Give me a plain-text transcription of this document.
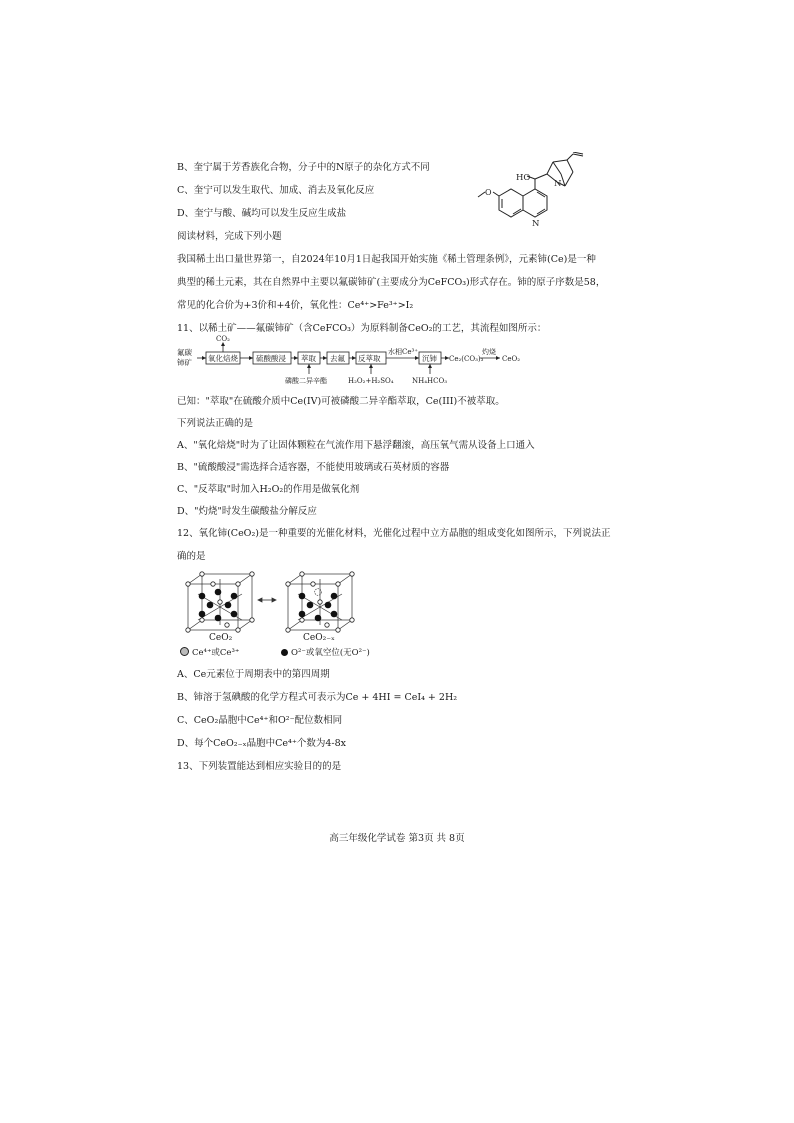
B、奎宁属于芳香族化合物，分子中的N原子的杂化方式不同
C、奎宁可以发生取代、加成、消去及氧化反应
D、奎宁与酸、碱均可以发生反应生成盐
O
HO
N
N
阅读材料，完成下列小题
我国稀土出口量世界第一，自2024年10月1日起我国开始实施《稀土管理条例》，元素铈(Ce)是一种
典型的稀土元素，其在自然界中主要以氟碳铈矿(主要成分为CeFCO₃)形式存在。铈的原子序数是58，
常见的化合价为+3价和+4价，氧化性：Ce⁴⁺>Fe³⁺>I₂
11、以稀土矿——氟碳铈矿（含CeFCO₃）为原料制备CeO₂的工艺，其流程如图所示：
氟碳
铈矿
CO₂
氧化焙烧 硫酸酸浸 萃取 去氟 反萃取
水相Ce³⁺
沉铈 Ce₂(CO₃)₃
灼烧
CeO₂
磷酸二异辛酯	H₂O₂+H₂SO₄	NH₄HCO₃
已知："萃取"在硫酸介质中Ce(IV)可被磷酸二异辛酯萃取，Ce(III)不被萃取。
下列说法正确的是
A、"氧化焙烧"时为了让固体颗粒在气流作用下悬浮翻滚，高压氧气需从设备上口通入
B、"硫酸酸浸"需选择合适容器，不能使用玻璃或石英材质的容器
C、"反萃取"时加入H₂O₂的作用是做氧化剂
D、"灼烧"时发生碳酸盐分解反应
12、氧化铈(CeO₂)是一种重要的光催化材料，光催化过程中立方晶胞的组成变化如图所示，下列说法正
确的是
CeO₂	CeO₂₋ₓ
Ce⁴⁺或Ce³⁺	O²⁻或氧空位(无O²⁻)
A、Ce元素位于周期表中的第四周期
B、铈溶于氢碘酸的化学方程式可表示为Ce + 4HI = CeI₄ + 2H₂
C、CeO₂晶胞中Ce⁴⁺和O²⁻配位数相同
D、每个CeO₂₋ₓ晶胞中Ce⁴⁺个数为4-8x
13、下列装置能达到相应实验目的的是
高三年级化学试卷 第3页 共 8页
